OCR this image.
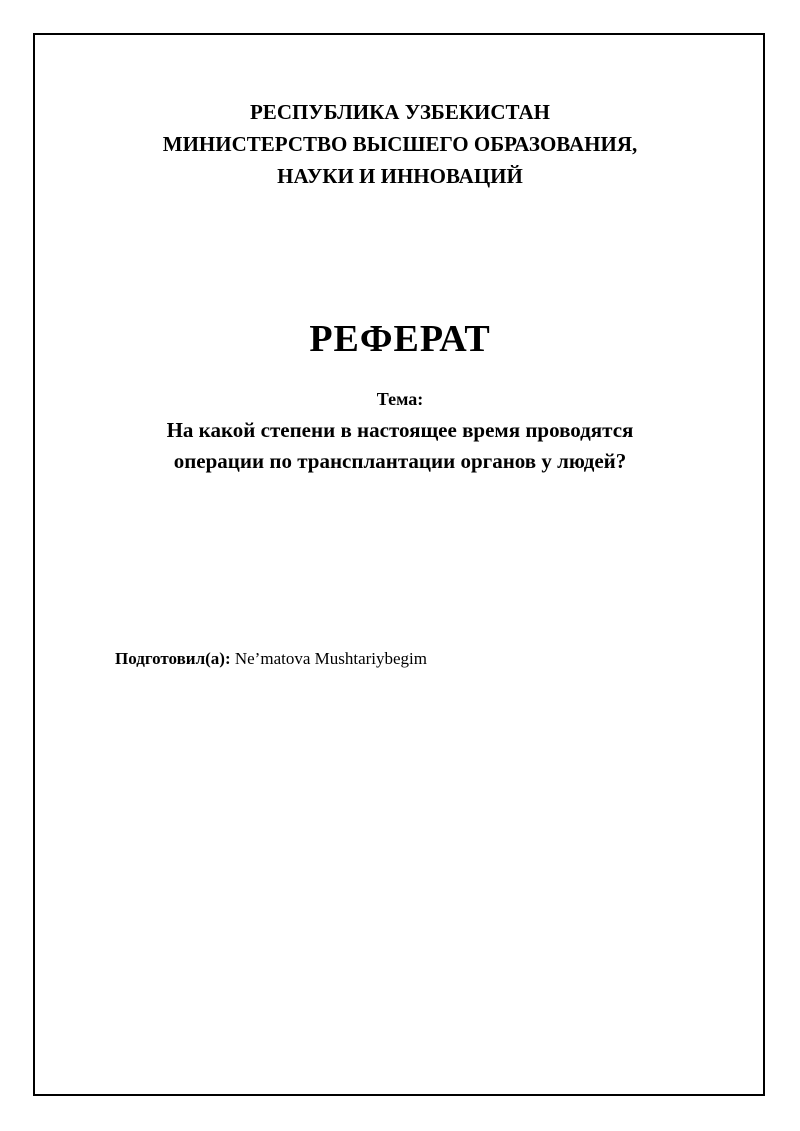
РЕСПУБЛИКА УЗБЕКИСТАН
МИНИСТЕРСТВО ВЫСШЕГО ОБРАЗОВАНИЯ,
НАУКИ И ИННОВАЦИЙ
РЕФЕРАТ
Тема:
На какой степени в настоящее время проводятся
операции по трансплантации органов у людей?
Подготовил(а): Ne’matova Mushtariybegim
